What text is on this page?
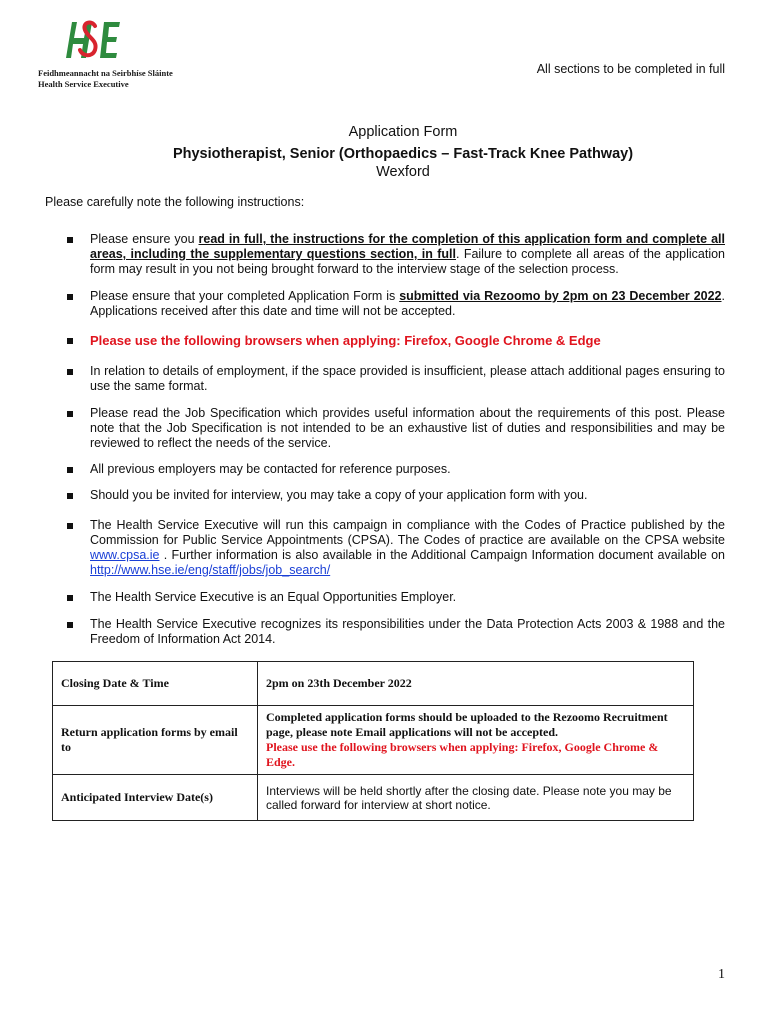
Feidhmeannacht na Seirbhíse Sláinte
Health Service Executive
All sections to be completed in full
Application Form
Physiotherapist, Senior (Orthopaedics – Fast-Track Knee Pathway)
Wexford
Please carefully note the following instructions:
Please ensure you read in full, the instructions for the completion of this application form and complete all areas, including the supplementary questions section, in full. Failure to complete all areas of the application form may result in you not being brought forward to the interview stage of the selection process.
Please ensure that your completed Application Form is submitted via Rezoomo by 2pm on 23 December 2022. Applications received after this date and time will not be accepted.
Please use the following browsers when applying: Firefox, Google Chrome & Edge
In relation to details of employment, if the space provided is insufficient, please attach additional pages ensuring to use the same format.
Please read the Job Specification which provides useful information about the requirements of this post. Please note that the Job Specification is not intended to be an exhaustive list of duties and responsibilities and may be reviewed to reflect the needs of the service.
All previous employers may be contacted for reference purposes.
Should you be invited for interview, you may take a copy of your application form with you.
The Health Service Executive will run this campaign in compliance with the Codes of Practice published by the Commission for Public Service Appointments (CPSA). The Codes of practice are available on the CPSA website www.cpsa.ie . Further information is also available in the Additional Campaign Information document available on http://www.hse.ie/eng/staff/jobs/job_search/
The Health Service Executive is an Equal Opportunities Employer.
The Health Service Executive recognizes its responsibilities under the Data Protection Acts 2003 & 1988 and the Freedom of Information Act 2014.
Closing Date & Time	2pm on 23th December 2022
Return application forms by email to	Completed application forms should be uploaded to the Rezoomo Recruitment page, please note Email applications will not be accepted.
Please use the following browsers when applying: Firefox, Google Chrome & Edge.
Anticipated Interview Date(s)	Interviews will be held shortly after the closing date. Please note you may be called forward for interview at short notice.
1
